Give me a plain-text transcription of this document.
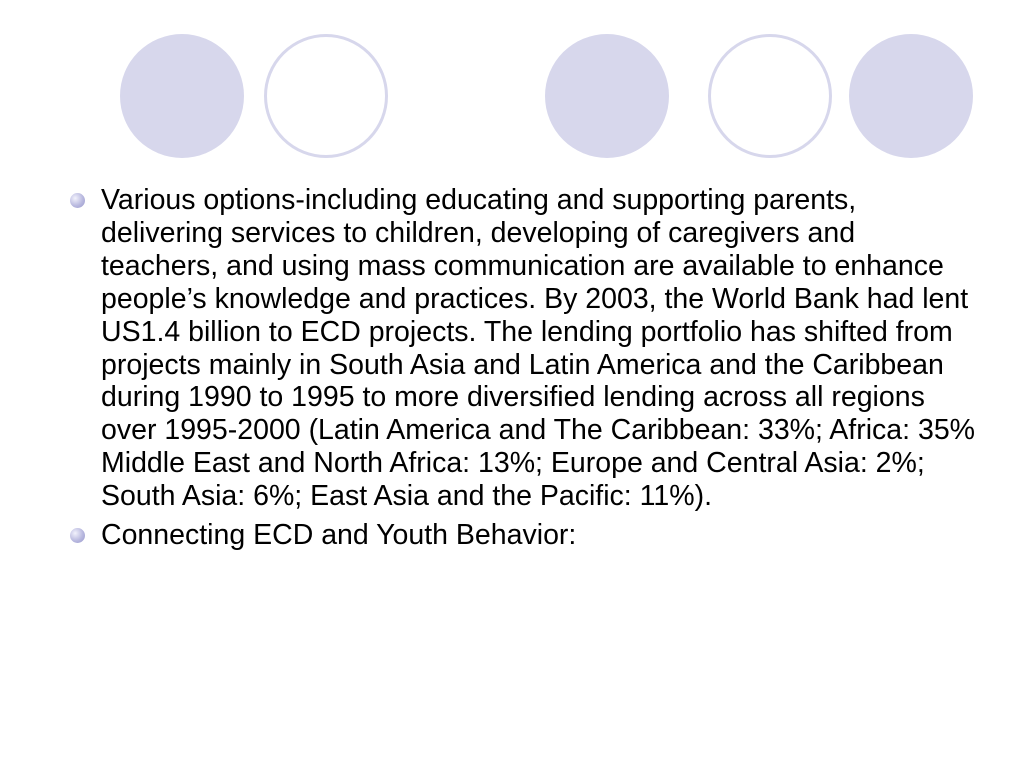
Various options-including educating and supporting parents, delivering services to children, developing of caregivers and teachers, and using mass communication are available to enhance people’s knowledge and practices. By 2003, the World Bank had lent US1.4 billion to ECD projects. The lending portfolio has shifted from projects mainly in South Asia and Latin America and the Caribbean during 1990 to 1995 to more diversified lending across all regions over 1995-2000 (Latin America and The Caribbean: 33%; Africa: 35% Middle East and North Africa: 13%; Europe and Central Asia: 2%; South Asia: 6%; East Asia and the Pacific: 11%).
Connecting ECD and Youth Behavior:
